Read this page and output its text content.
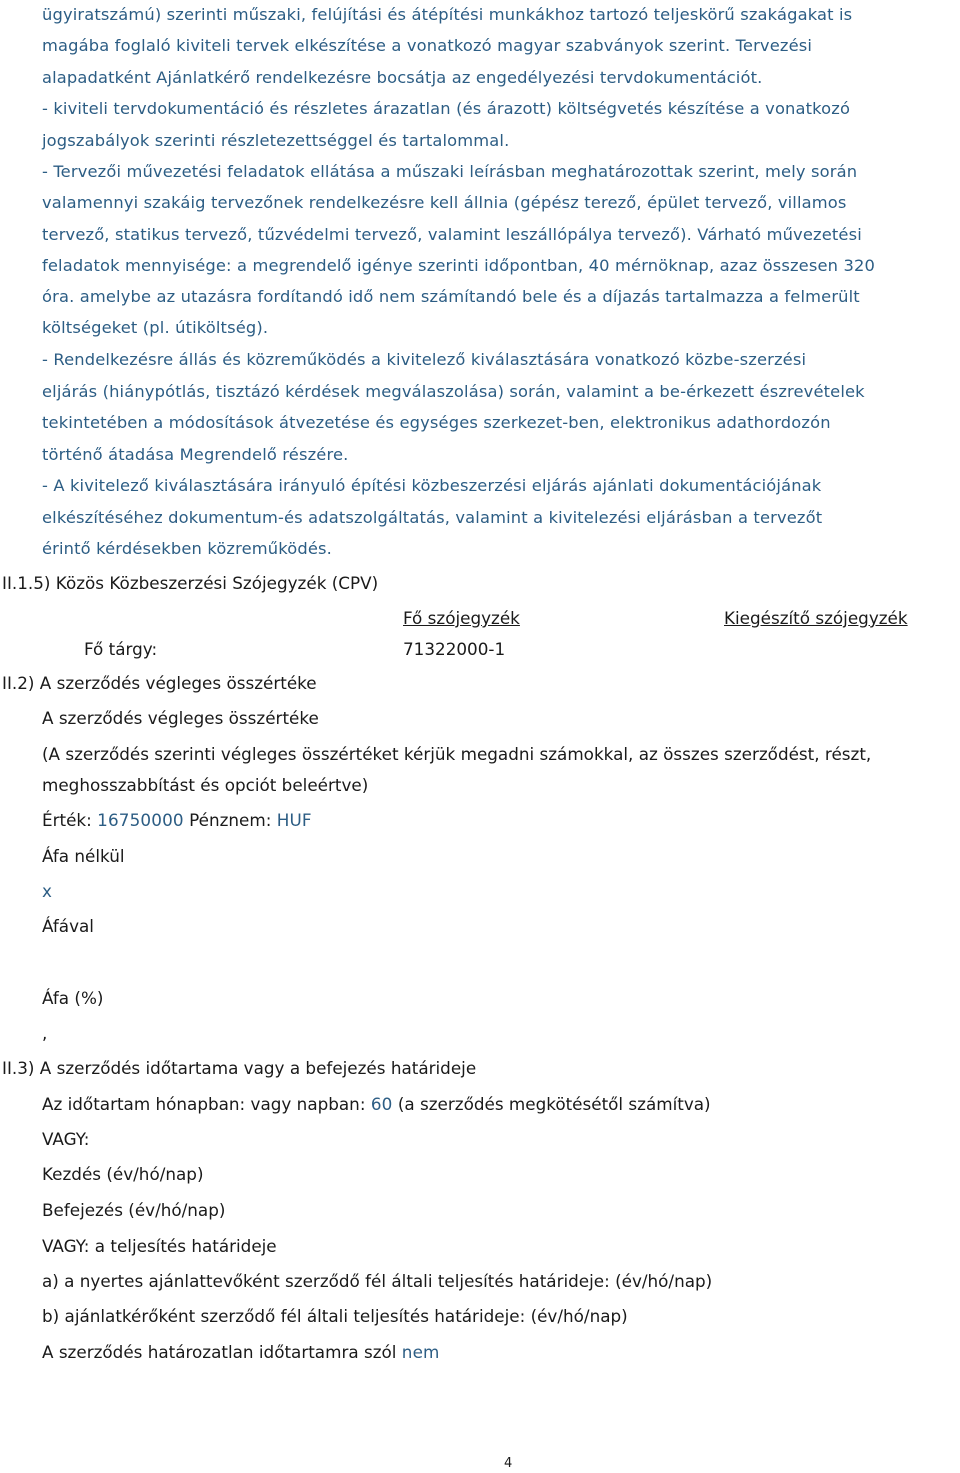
ügyiratszámú) szerinti műszaki, felújítási és átépítési munkákhoz tartozó teljeskörű szakágakat is
magába foglaló kiviteli tervek elkészítése a vonatkozó magyar szabványok szerint. Tervezési
alapadatként Ajánlatkérő rendelkezésre bocsátja az engedélyezési tervdokumentációt.
- kiviteli tervdokumentáció és részletes árazatlan (és árazott) költségvetés készítése a vonatkozó
jogszabályok szerinti részletezettséggel és tartalommal.
- Tervezői művezetési feladatok ellátása a műszaki leírásban meghatározottak szerint, mely során
valamennyi szakáig tervezőnek rendelkezésre kell állnia (gépész terező, épület tervező, villamos
tervező, statikus tervező, tűzvédelmi tervező, valamint leszállópálya tervező). Várható művezetési
feladatok mennyisége: a megrendelő igénye szerinti időpontban, 40 mérnöknap, azaz összesen 320
óra. amelybe az utazásra fordítandó idő nem számítandó bele és a díjazás tartalmazza a felmerült
költségeket (pl. útiköltség).
- Rendelkezésre állás és közreműködés a kivitelező kiválasztására vonatkozó közbe-szerzési
eljárás (hiánypótlás, tisztázó kérdések megválaszolása) során, valamint a be-érkezett észrevételek
tekintetében a módosítások átvezetése és egységes szerkezet-ben, elektronikus adathordozón
történő átadása Megrendelő részére.
- A kivitelező kiválasztására irányuló építési közbeszerzési eljárás ajánlati dokumentációjának
elkészítéséhez dokumentum-és adatszolgáltatás, valamint a kivitelezési eljárásban a tervezőt
érintő kérdésekben közreműködés.
II.1.5) Közös Közbeszerzési Szójegyzék (CPV)
Fő szójegyzék	Kiegészítő szójegyzék
Fő tárgy:	71322000-1
II.2) A szerződés végleges összértéke
A szerződés végleges összértéke
(A szerződés szerinti végleges összértéket kérjük megadni számokkal, az összes szerződést, részt,
meghosszabbítást és opciót beleértve)
Érték: 16750000 Pénznem: HUF
Áfa nélkül
x
Áfával
Áfa (%)
,
II.3) A szerződés időtartama vagy a befejezés határideje
Az időtartam hónapban: vagy napban: 60 (a szerződés megkötésétől számítva)
VAGY:
Kezdés (év/hó/nap)
Befejezés (év/hó/nap)
VAGY: a teljesítés határideje
a) a nyertes ajánlattevőként szerződő fél általi teljesítés határideje: (év/hó/nap)
b) ajánlatkérőként szerződő fél általi teljesítés határideje: (év/hó/nap)
A szerződés határozatlan időtartamra szól nem
4
